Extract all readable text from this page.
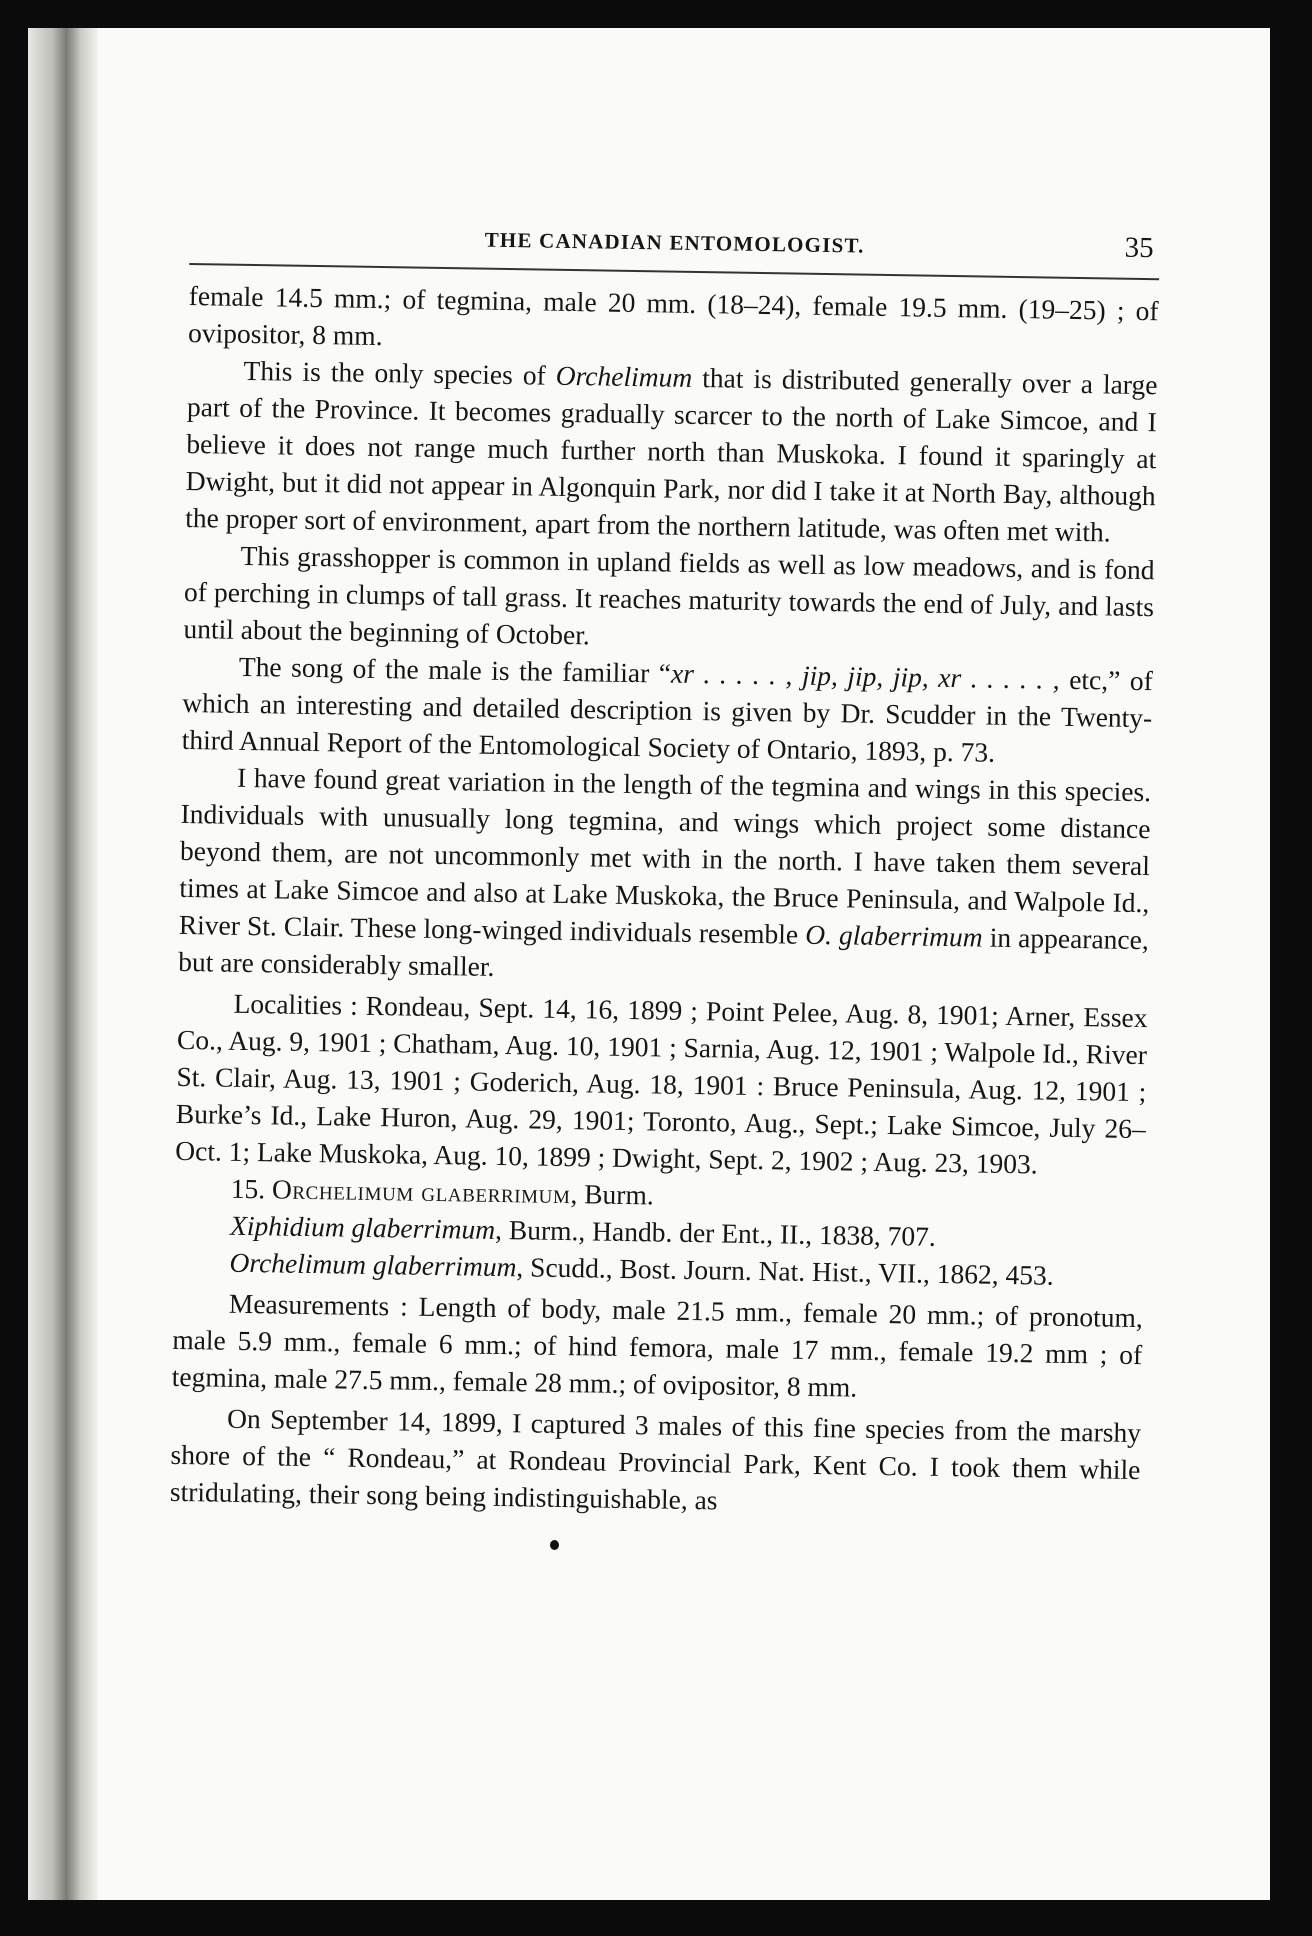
THE CANADIAN ENTOMOLOGIST.	35

female 14.5 mm.; of tegmina, male 20 mm. (18–24), female 19.5 mm. (19–25) ; of ovipositor, 8 mm.

This is the only species of Orchelimum that is distributed generally over a large part of the Province. It becomes gradually scarcer to the north of Lake Simcoe, and I believe it does not range much further north than Muskoka. I found it sparingly at Dwight, but it did not appear in Algonquin Park, nor did I take it at North Bay, although the proper sort of environment, apart from the northern latitude, was often met with.

This grasshopper is common in upland fields as well as low meadows, and is fond of perching in clumps of tall grass. It reaches maturity towards the end of July, and lasts until about the beginning of October.

The song of the male is the familiar “xr . . . . . , jip, jip, jip, xr . . . . . , etc,” of which an interesting and detailed description is given by Dr. Scudder in the Twenty-third Annual Report of the Entomological Society of Ontario, 1893, p. 73.

I have found great variation in the length of the tegmina and wings in this species. Individuals with unusually long tegmina, and wings which project some distance beyond them, are not uncommonly met with in the north. I have taken them several times at Lake Simcoe and also at Lake Muskoka, the Bruce Peninsula, and Walpole Id., River St. Clair. These long-winged individuals resemble O. glaberrimum in appearance, but are considerably smaller.

Localities : Rondeau, Sept. 14, 16, 1899 ; Point Pelee, Aug. 8, 1901; Arner, Essex Co., Aug. 9, 1901 ; Chatham, Aug. 10, 1901 ; Sarnia, Aug. 12, 1901 ; Walpole Id., River St. Clair, Aug. 13, 1901 ; Goderich, Aug. 18, 1901 : Bruce Peninsula, Aug. 12, 1901 ; Burke’s Id., Lake Huron, Aug. 29, 1901; Toronto, Aug., Sept.; Lake Simcoe, July 26–Oct. 1; Lake Muskoka, Aug. 10, 1899 ; Dwight, Sept. 2, 1902 ; Aug. 23, 1903.

15. Orchelimum glaberrimum, Burm.

Xiphidium glaberrimum, Burm., Handb. der Ent., II., 1838, 707.

Orchelimum glaberrimum, Scudd., Bost. Journ. Nat. Hist., VII., 1862, 453.

Measurements : Length of body, male 21.5 mm., female 20 mm.; of pronotum, male 5.9 mm., female 6 mm.; of hind femora, male 17 mm., female 19.2 mm ; of tegmina, male 27.5 mm., female 28 mm.; of ovipositor, 8 mm.

On September 14, 1899, I captured 3 males of this fine species from the marshy shore of the “ Rondeau,” at Rondeau Provincial Park, Kent Co. I took them while stridulating, their song being indistinguishable, as
